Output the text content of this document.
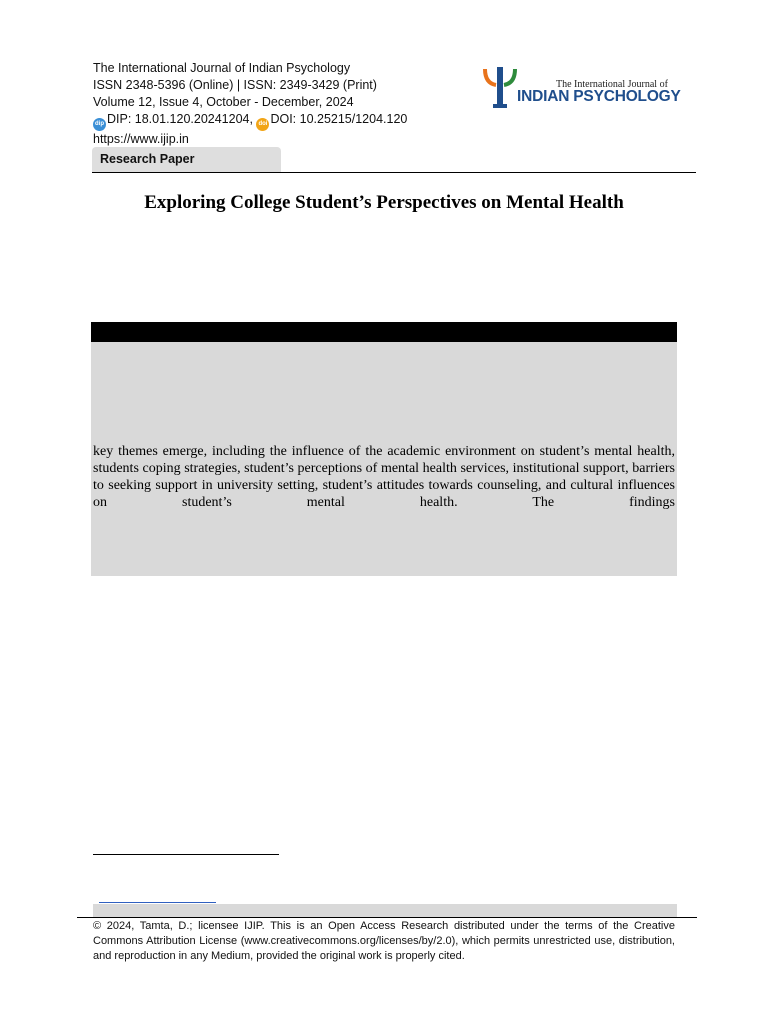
The International Journal of Indian Psychology
ISSN 2348-5396 (Online) | ISSN: 2349-3429 (Print)
Volume 12, Issue 4, October - December, 2024
dip DIP: 18.01.120.20241204, doi DOI: 10.25215/1204.120
https://www.ijip.in
The International Journal of
INDIAN PSYCHOLOGY
Research Paper
Exploring College Student’s Perspectives on Mental Health
key themes emerge, including the influence of the academic environment on student’s mental health, students coping strategies, student’s perceptions of mental health services, institutional support, barriers to seeking support in university setting, student’s attitudes towards counseling, and cultural influences on student’s mental health. The findings
© 2024, Tamta, D.; licensee IJIP. This is an Open Access Research distributed under the terms of the Creative Commons Attribution License (www.creativecommons.org/licenses/by/2.0), which permits unrestricted use, distribution, and reproduction in any Medium, provided the original work is properly cited.
